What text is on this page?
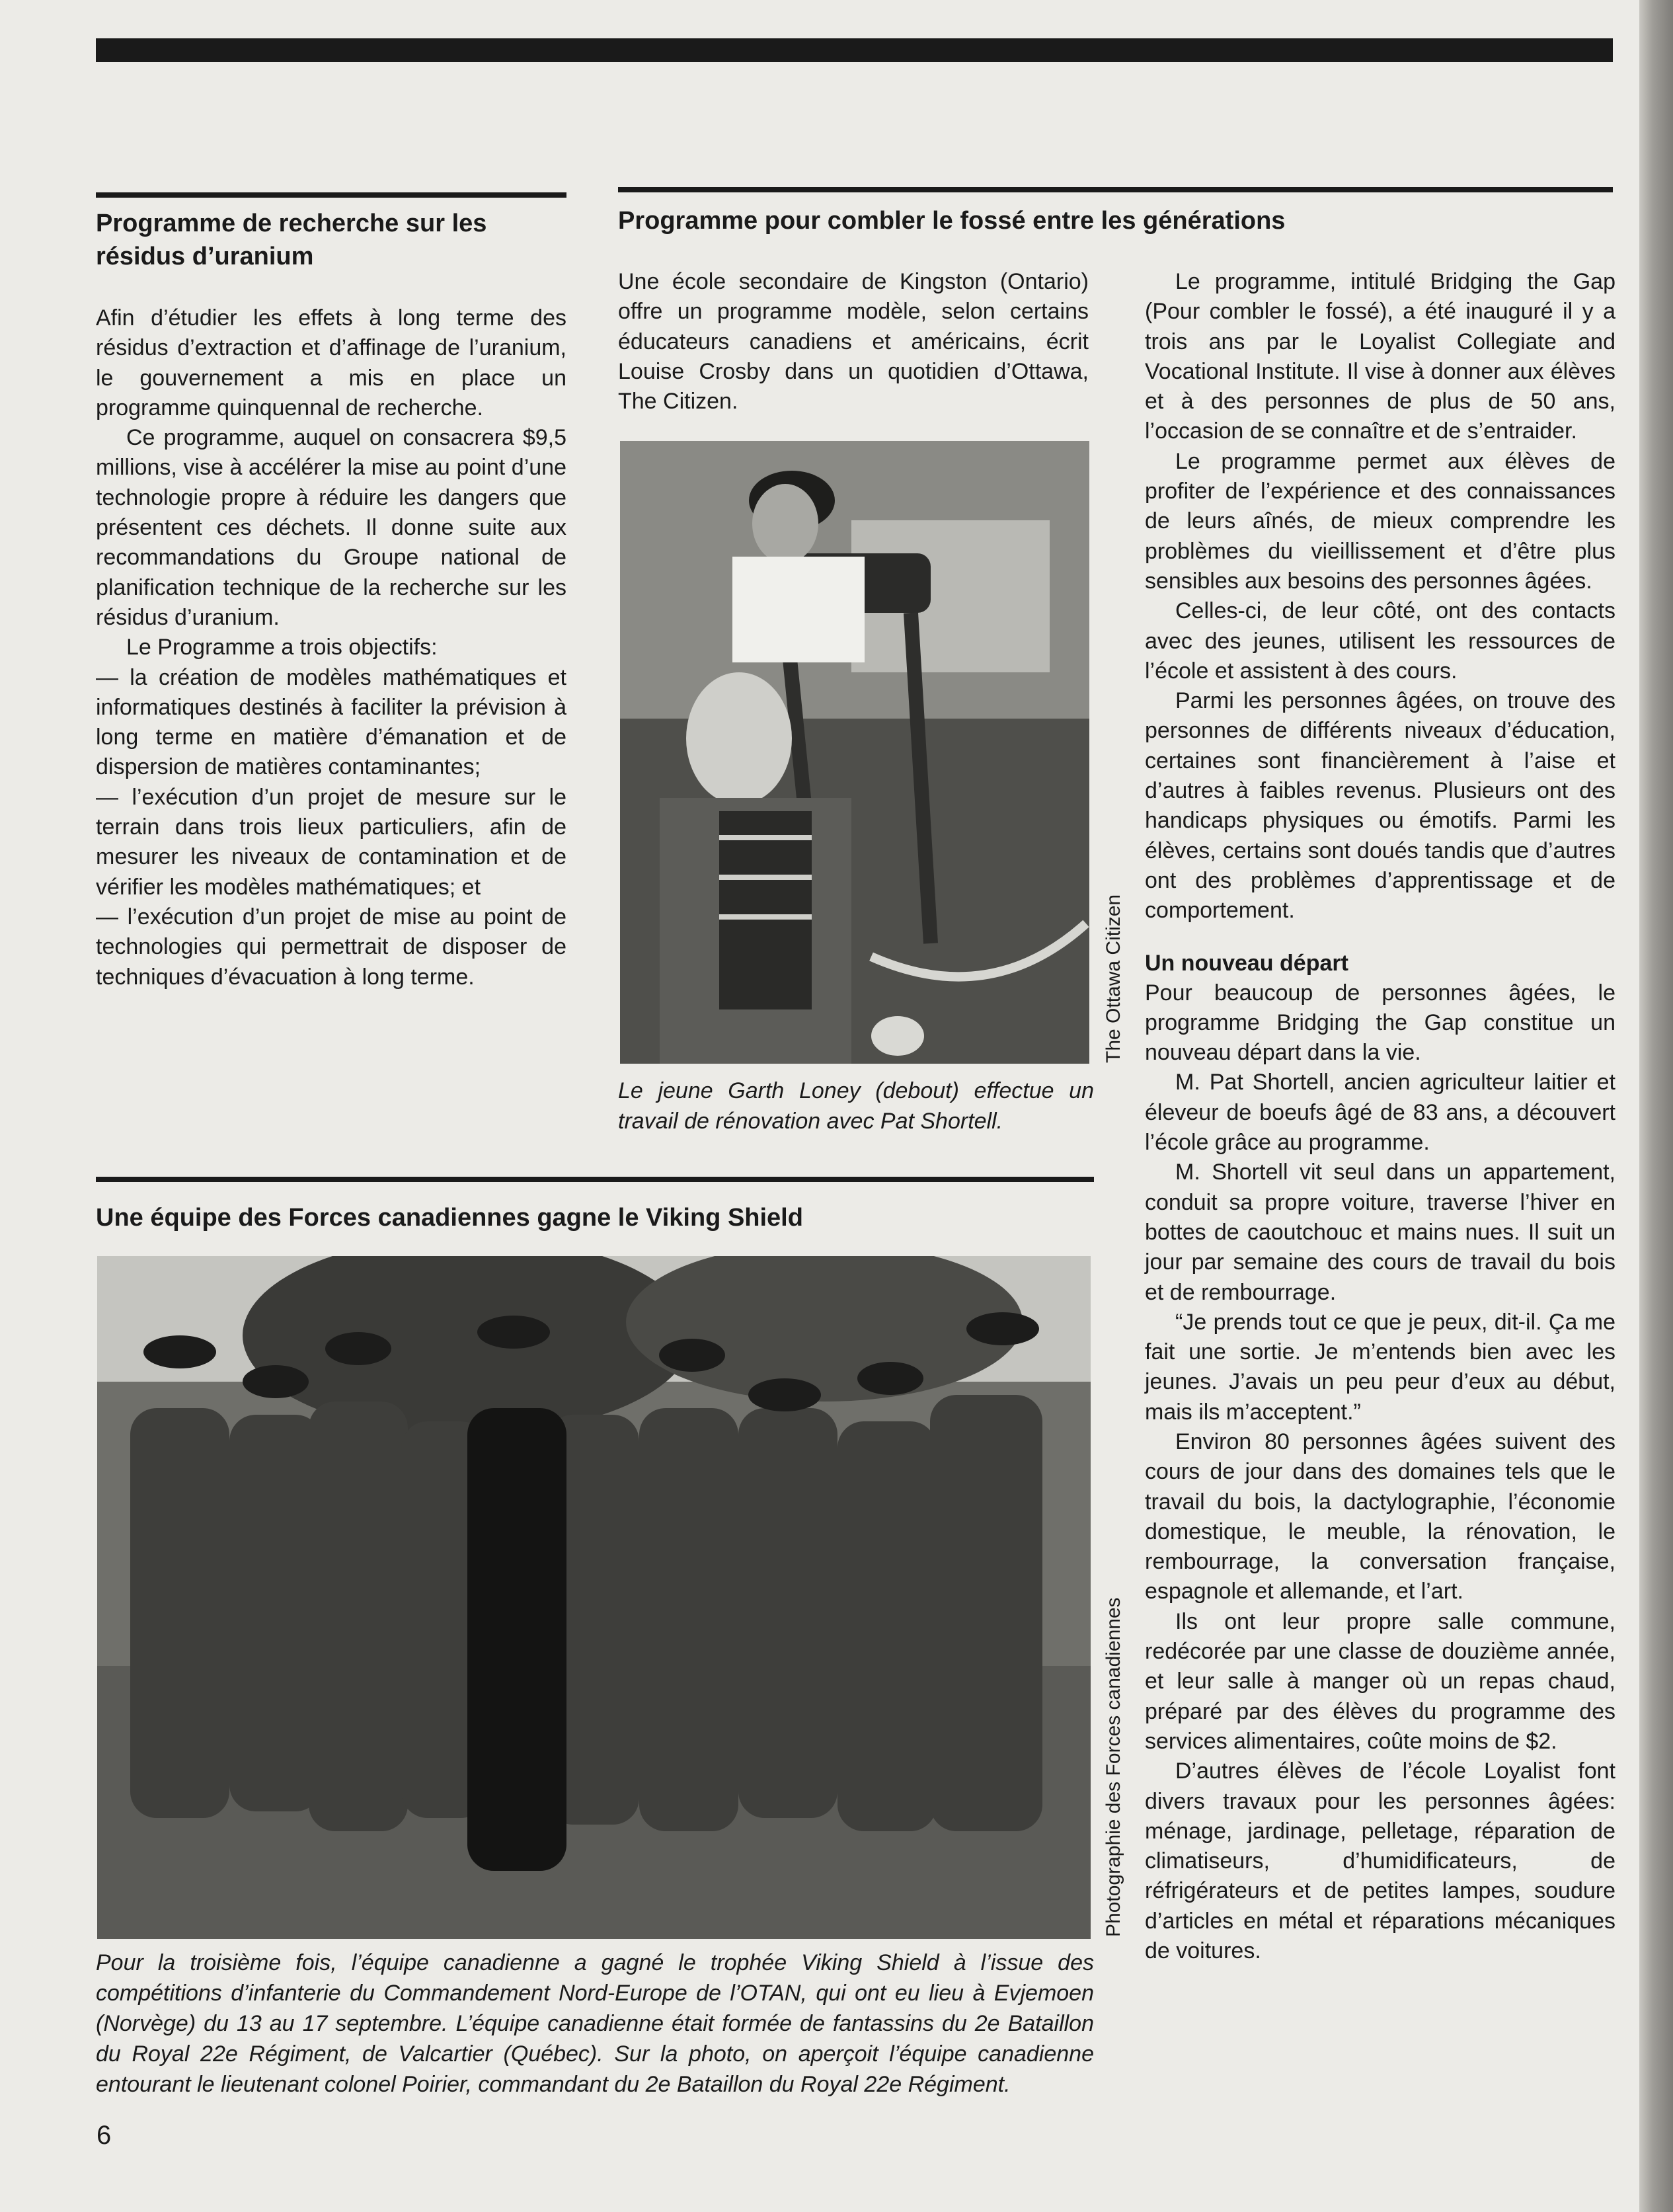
Programme de recherche sur les résidus d’uranium

Afin d’étudier les effets à long terme des résidus d’extraction et d’affinage de l’uranium, le gouvernement a mis en place un programme quinquennal de recherche.

Ce programme, auquel on consacrera $9,5 millions, vise à accélérer la mise au point d’une technologie propre à réduire les dangers que présentent ces déchets. Il donne suite aux recommandations du Groupe national de planification technique de la recherche sur les résidus d’uranium.

Le Programme a trois objectifs:

— la création de modèles mathématiques et informatiques destinés à faciliter la prévision à long terme en matière d’émanation et de dispersion de matières contaminantes;

— l’exécution d’un projet de mesure sur le terrain dans trois lieux particuliers, afin de mesurer les niveaux de contamination et de vérifier les modèles mathématiques; et

— l’exécution d’un projet de mise au point de technologies qui permettrait de disposer de techniques d’évacuation à long terme.

Programme pour combler le fossé entre les générations

Une école secondaire de Kingston (Ontario) offre un programme modèle, selon certains éducateurs canadiens et américains, écrit Louise Crosby dans un quotidien d’Ottawa, The Citizen.

The Ottawa Citizen
Le jeune Garth Loney (debout) effectue un travail de rénovation avec Pat Shortell.

Le programme, intitulé Bridging the Gap (Pour combler le fossé), a été inauguré il y a trois ans par le Loyalist Collegiate and Vocational Institute. Il vise à donner aux élèves et à des personnes de plus de 50 ans, l’occasion de se connaître et de s’entraider.

Le programme permet aux élèves de profiter de l’expérience et des connaissances de leurs aînés, de mieux comprendre les problèmes du vieillissement et d’être plus sensibles aux besoins des personnes âgées.

Celles-ci, de leur côté, ont des contacts avec des jeunes, utilisent les ressources de l’école et assistent à des cours.

Parmi les personnes âgées, on trouve des personnes de différents niveaux d’éducation, certaines sont financièrement à l’aise et d’autres à faibles revenus. Plusieurs ont des handicaps physiques ou émotifs. Parmi les élèves, certains sont doués tandis que d’autres ont des problèmes d’apprentissage et de comportement.

Un nouveau départ

Pour beaucoup de personnes âgées, le programme Bridging the Gap constitue un nouveau départ dans la vie.

M. Pat Shortell, ancien agriculteur laitier et éleveur de boeufs âgé de 83 ans, a découvert l’école grâce au programme.

M. Shortell vit seul dans un appartement, conduit sa propre voiture, traverse l’hiver en bottes de caoutchouc et mains nues. Il suit un jour par semaine des cours de travail du bois et de rembourrage.

“Je prends tout ce que je peux, dit-il. Ça me fait une sortie. Je m’entends bien avec les jeunes. J’avais un peu peur d’eux au début, mais ils m’acceptent.”

Environ 80 personnes âgées suivent des cours de jour dans des domaines tels que le travail du bois, la dactylographie, l’économie domestique, le meuble, la rénovation, le rembourrage, la conversation française, espagnole et allemande, et l’art.

Ils ont leur propre salle commune, redécorée par une classe de douzième année, et leur salle à manger où un repas chaud, préparé par des élèves du programme des services alimentaires, coûte moins de $2.

D’autres élèves de l’école Loyalist font divers travaux pour les personnes âgées: ménage, jardinage, pelletage, réparation de climatiseurs, d’humidificateurs, de réfrigérateurs et de petites lampes, soudure d’articles en métal et réparations mécaniques de voitures.

Une équipe des Forces canadiennes gagne le Viking Shield
Photographie des Forces canadiennes
Pour la troisième fois, l’équipe canadienne a gagné le trophée Viking Shield à l’issue des compétitions d’infanterie du Commandement Nord-Europe de l’OTAN, qui ont eu lieu à Evjemoen (Norvège) du 13 au 17 septembre. L’équipe canadienne était formée de fantassins du 2e Bataillon du Royal 22e Régiment, de Valcartier (Québec). Sur la photo, on aperçoit l’équipe canadienne entourant le lieutenant colonel Poirier, commandant du 2e Bataillon du Royal 22e Régiment.
6
